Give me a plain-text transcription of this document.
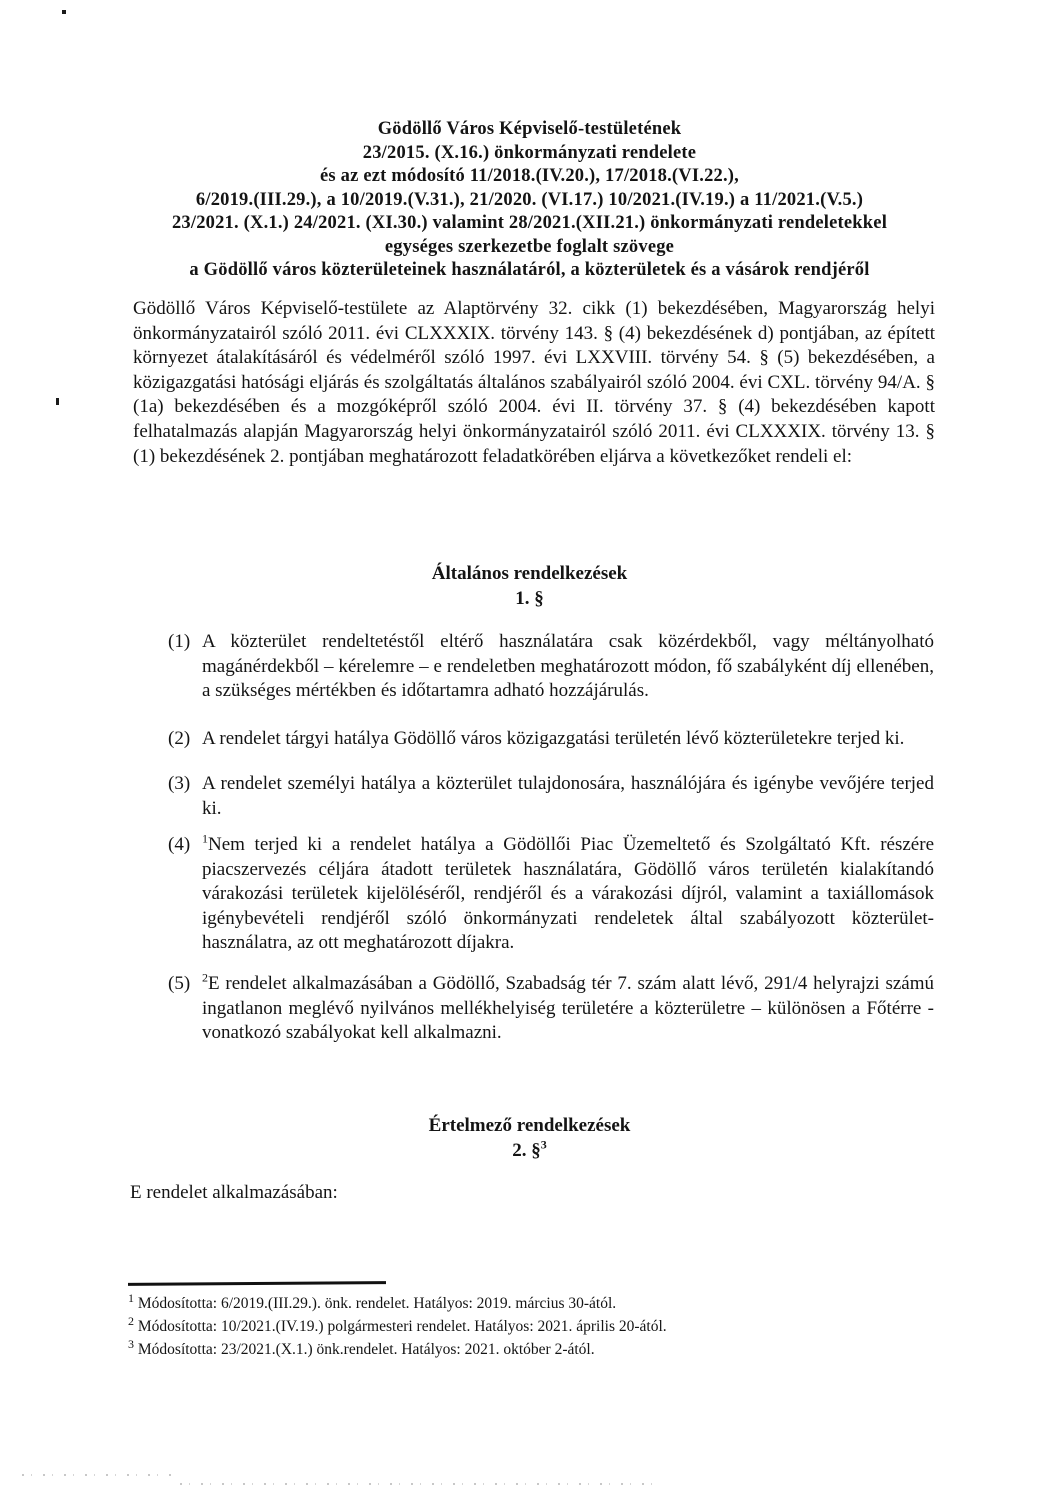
Gödöllő Város Képviselő-testületének
23/2015. (X.16.) önkormányzati rendelete
és az ezt módosító 11/2018.(IV.20.), 17/2018.(VI.22.),
6/2019.(III.29.), a 10/2019.(V.31.), 21/2020. (VI.17.) 10/2021.(IV.19.) a 11/2021.(V.5.)
23/2021. (X.1.) 24/2021. (XI.30.) valamint 28/2021.(XII.21.) önkormányzati rendeletekkel
egységes szerkezetbe foglalt szövege
a Gödöllő város közterületeinek használatáról, a közterületek és a vásárok rendjéről

Gödöllő Város Képviselő-testülete az Alaptörvény 32. cikk (1) bekezdésében, Magyarország helyi önkormányzatairól szóló 2011. évi CLXXXIX. törvény 143. § (4) bekezdésének d) pontjában, az épített környezet átalakításáról és védelméről szóló 1997. évi LXXVIII. törvény 54. § (5) bekezdésében, a közigazgatási hatósági eljárás és szolgáltatás általános szabályairól szóló 2004. évi CXL. törvény 94/A. § (1a) bekezdésében és a mozgóképről szóló 2004. évi II. törvény 37. § (4) bekezdésében kapott felhatalmazás alapján Magyarország helyi önkormányzatairól szóló 2011. évi CLXXXIX. törvény 13. § (1) bekezdésének 2. pontjában meghatározott feladatkörében eljárva a következőket rendeli el:

Általános rendelkezések
1. §
(1) A közterület rendeltetéstől eltérő használatára csak közérdekből, vagy méltányolható magánérdekből – kérelemre – e rendeletben meghatározott módon, fő szabályként díj ellenében, a szükséges mértékben és időtartamra adható hozzájárulás.
(2) A rendelet tárgyi hatálya Gödöllő város közigazgatási területén lévő közterületekre terjed ki.
(3) A rendelet személyi hatálya a közterület tulajdonosára, használójára és igénybe vevőjére terjed ki.
(4) $^1$Nem terjed ki a rendelet hatálya a Gödöllői Piac Üzemeltető és Szolgáltató Kft. részére piacszervezés céljára átadott területek használatára, Gödöllő város területén kialakítandó várakozási területek kijelöléséről, rendjéről és a várakozási díjról, valamint a taxiállomások igénybevételi rendjéről szóló önkormányzati rendeletek által szabályozott közterület-használatra, az ott meghatározott díjakra.
(5) $^2$E rendelet alkalmazásában a Gödöllő, Szabadság tér 7. szám alatt lévő, 291/4 helyrajzi számú ingatlanon meglévő nyilvános mellékhelyiség területére a közterületre – különösen a Főtérre - vonatkozó szabályokat kell alkalmazni.
Értelmező rendelkezések
2. §$^3$

E rendelet alkalmazásában:

$^1$ Módosította: 6/2019.(III.29.). önk. rendelet. Hatályos: 2019. március 30-ától.

$^2$ Módosította: 10/2021.(IV.19.) polgármesteri rendelet. Hatályos: 2021. április 20-ától.

$^3$ Módosította: 23/2021.(X.1.) önk.rendelet. Hatályos: 2021. október 2-ától.
